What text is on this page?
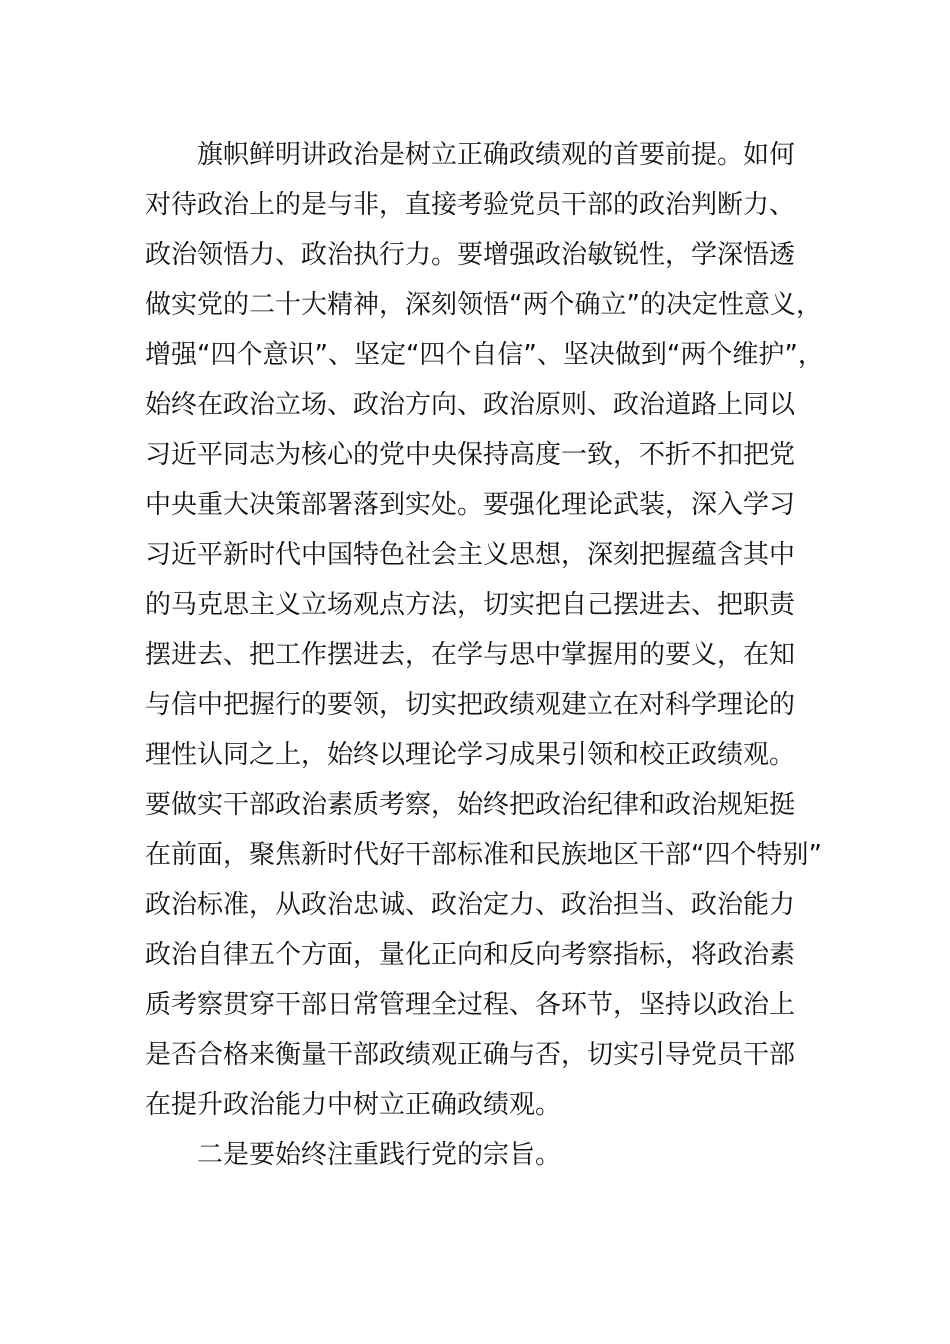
旗帜鲜明讲政治是树立正确政绩观的首要前提。如何
对待政治上的是与非，直接考验党员干部的政治判断力、
政治领悟力、政治执行力。要增强政治敏锐性，学深悟透
做实党的二十大精神，深刻领悟“两个确立”的决定性意义，
增强“四个意识”、坚定“四个自信”、坚决做到“两个维护”，
始终在政治立场、政治方向、政治原则、政治道路上同以
习近平同志为核心的党中央保持高度一致，不折不扣把党
中央重大决策部署落到实处。要强化理论武装，深入学习
习近平新时代中国特色社会主义思想，深刻把握蕴含其中
的马克思主义立场观点方法，切实把自己摆进去、把职责
摆进去、把工作摆进去，在学与思中掌握用的要义，在知
与信中把握行的要领，切实把政绩观建立在对科学理论的
理性认同之上，始终以理论学习成果引领和校正政绩观。
要做实干部政治素质考察，始终把政治纪律和政治规矩挺
在前面，聚焦新时代好干部标准和民族地区干部“四个特别”
政治标准，从政治忠诚、政治定力、政治担当、政治能力
政治自律五个方面，量化正向和反向考察指标，将政治素
质考察贯穿干部日常管理全过程、各环节，坚持以政治上
是否合格来衡量干部政绩观正确与否，切实引导党员干部
在提升政治能力中树立正确政绩观。
二是要始终注重践行党的宗旨。
